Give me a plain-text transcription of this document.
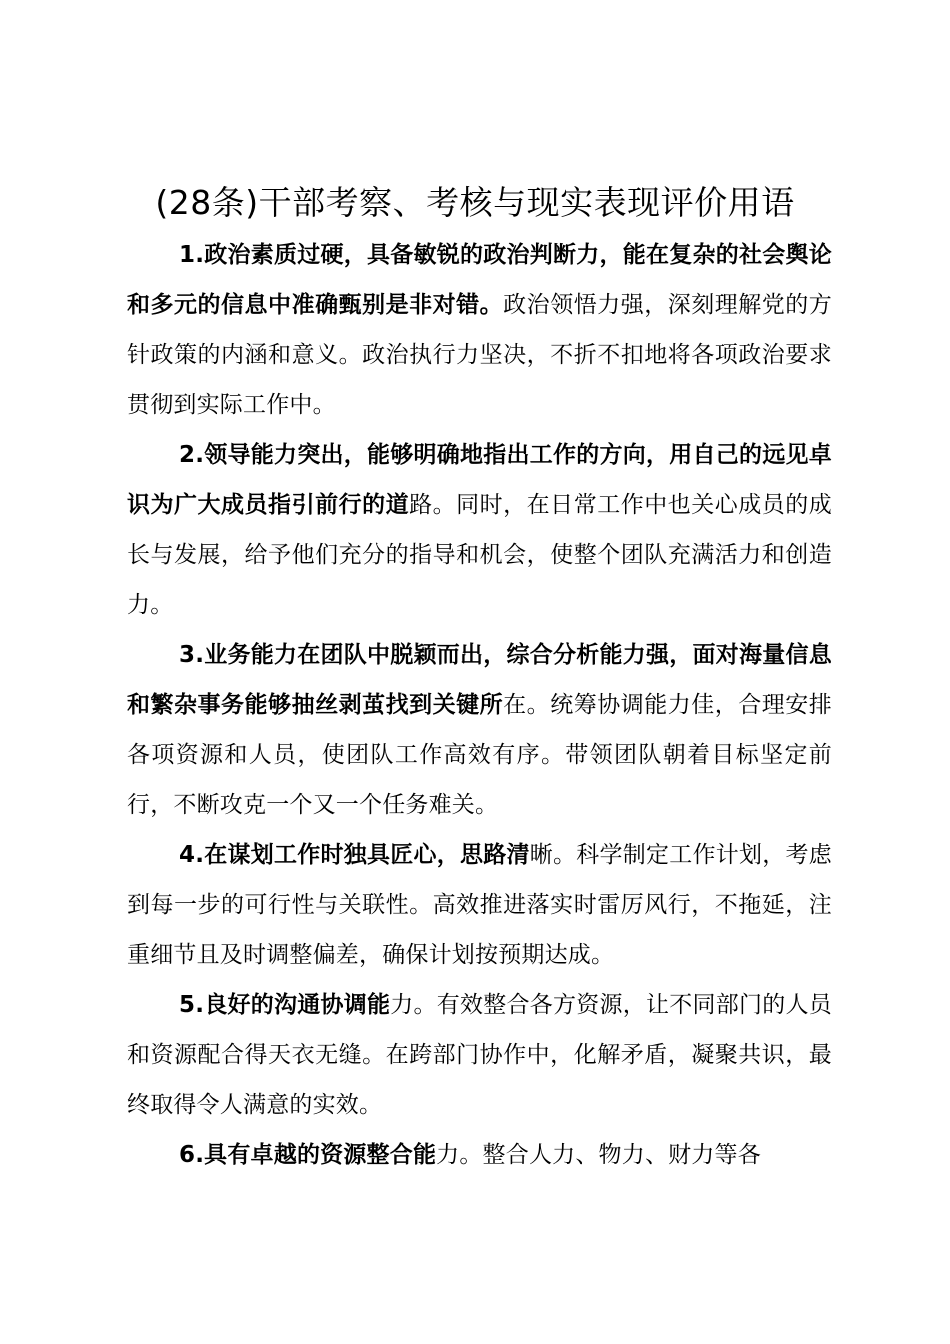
(28条)干部考察、考核与现实表现评价用语

1.政治素质过硬，具备敏锐的政治判断力，能在复杂的社会舆论和多元的信息中准确甄别是非对错。政治领悟力强，深刻理解党的方针政策的内涵和意义。政治执行力坚决，不折不扣地将各项政治要求贯彻到实际工作中。

2.领导能力突出，能够明确地指出工作的方向，用自己的远见卓识为广大成员指引前行的道路。同时，在日常工作中也关心成员的成长与发展，给予他们充分的指导和机会，使整个团队充满活力和创造力。

3.业务能力在团队中脱颖而出，综合分析能力强，面对海量信息和繁杂事务能够抽丝剥茧找到关键所在。统筹协调能力佳，合理安排各项资源和人员，使团队工作高效有序。带领团队朝着目标坚定前行，不断攻克一个又一个任务难关。

4.在谋划工作时独具匠心，思路清晰。科学制定工作计划，考虑到每一步的可行性与关联性。高效推进落实时雷厉风行，不拖延，注重细节且及时调整偏差，确保计划按预期达成。

5.良好的沟通协调能力。有效整合各方资源，让不同部门的人员和资源配合得天衣无缝。在跨部门协作中，化解矛盾，凝聚共识，最终取得令人满意的实效。

6.具有卓越的资源整合能力。整合人力、物力、财力等各
